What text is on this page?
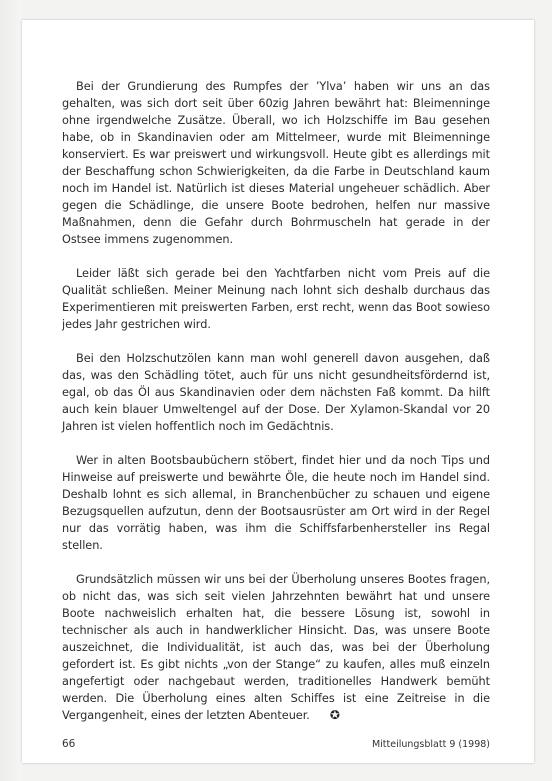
Bei der Grundierung des Rumpfes der ’Ylva’ haben wir uns an das gehalten, was sich dort seit über 60zig Jahren bewährt hat: Bleimenninge ohne irgendwelche Zusätze. Überall, wo ich Holzschiffe im Bau gesehen habe, ob in Skandinavien oder am Mittelmeer, wurde mit Bleimenninge konserviert. Es war preiswert und wirkungsvoll. Heute gibt es allerdings mit der Beschaffung schon Schwierigkeiten, da die Farbe in Deutschland kaum noch im Handel ist. Natürlich ist dieses Material ungeheuer schädlich. Aber gegen die Schädlinge, die unsere Boote bedrohen, helfen nur massive Maßnahmen, denn die Gefahr durch Bohrmuscheln hat gerade in der Ostsee immens zugenommen.

Leider läßt sich gerade bei den Yachtfarben nicht vom Preis auf die Qualität schließen. Meiner Meinung nach lohnt sich deshalb durchaus das Experimentieren mit preiswerten Farben, erst recht, wenn das Boot sowieso jedes Jahr gestrichen wird.

Bei den Holzschutzölen kann man wohl generell davon ausgehen, daß das, was den Schädling tötet, auch für uns nicht gesundheitsfördernd ist, egal, ob das Öl aus Skandinavien oder dem nächsten Faß kommt. Da hilft auch kein blauer Umweltengel auf der Dose. Der Xylamon-Skandal vor 20 Jahren ist vielen hoffentlich noch im Gedächtnis.

Wer in alten Bootsbaubüchern stöbert, findet hier und da noch Tips und Hinweise auf preiswerte und bewährte Öle, die heute noch im Handel sind. Deshalb lohnt es sich allemal, in Branchenbücher zu schauen und eigene Bezugsquellen aufzutun, denn der Bootsausrüster am Ort wird in der Regel nur das vorrätig haben, was ihm die Schiffsfarbenhersteller ins Regal stellen.

Grundsätzlich müssen wir uns bei der Überholung unseres Bootes fragen, ob nicht das, was sich seit vielen Jahrzehnten bewährt hat und unsere Boote nachweislich erhalten hat, die bessere Lösung ist, sowohl in technischer als auch in handwerklicher Hinsicht. Das, was unsere Boote auszeichnet, die Individualität, ist auch das, was bei der Überholung gefordert ist. Es gibt nichts „von der Stange“ zu kaufen, alles muß einzeln angefertigt oder nachgebaut werden, traditionelles Handwerk bemüht werden. Die Überholung eines alten Schiffes ist eine Zeitreise in die Vergangenheit, eines der letzten Abenteuer. ✪

66	Mitteilungsblatt 9 (1998)
